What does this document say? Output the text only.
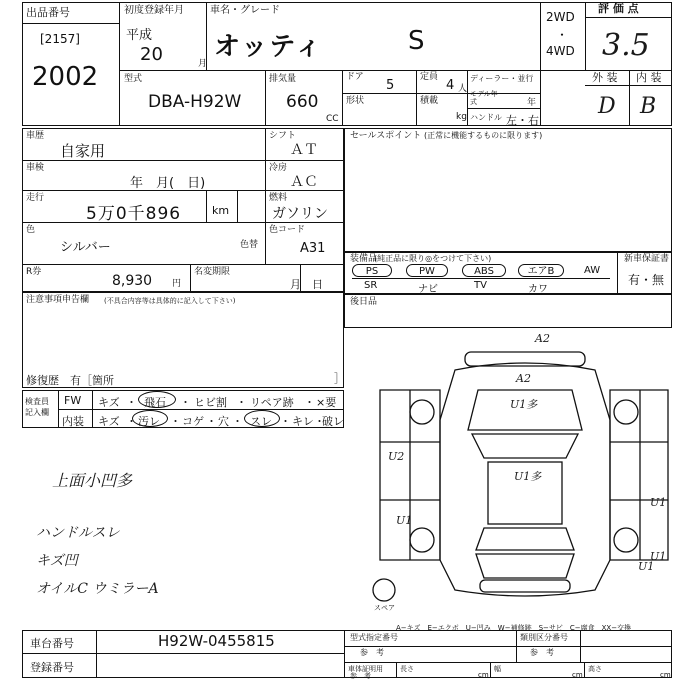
出品番号
[2157]
2002
初度登録年月
平成
20	月
車名・グレード
オッティ	S
2WD
・
4WD
評 価 点
3.5
外 装 内 装
D B
型式
DBA-H92W
排気量
660
CC
ドア
5
形状
定員
4 人
積載
kg
ディーラー・並行
モデル年式	年
ハンドル 左・右
車歴
自家用
シフト
ＡＴ
車検
年　月(　日)
冷房
ＡＣ
走行
5万0千896	km
燃料
ガソリン
色
シルバー	色替
色コード
A31
R券
8,930 円
名変期限
月　日
注意事項申告欄 (不具合内容等は具体的に記入して下さい)
修復歴 有［箇所	］
セールスポイント (正常に機能するものに限ります)
装備品
(純正品に限り◎をつけて下さい)	新車保証書
有・無
PS	PW	ABS	エアB	AW
SR	ナビ	TV	カワ
後日品
検査員記入欄
FW
内装
キズ ・ 飛石 ・ ヒビ割 ・ リペア跡 ・ ×要
キズ ・ 汚レ ・ コゲ ・ 穴 ・ スレ ・ キレ ・
破レ
上面小凹多
ハンドルスレ
キズ凹
オイルC ウミラーA
A2
A2
U1多
U2
U1多
U1
U1
U1
U1
スペア
A−キズ　E−エクボ　U−凹み　W−補修跡　S−サビ　C−腐食　XX−交換
車台番号	H92W-0455815
登録番号
型式指定番号
参　考
類別区分番号
参　考
車体証明用
参　考
長さ
cm
幅
cm
高さ
cm
